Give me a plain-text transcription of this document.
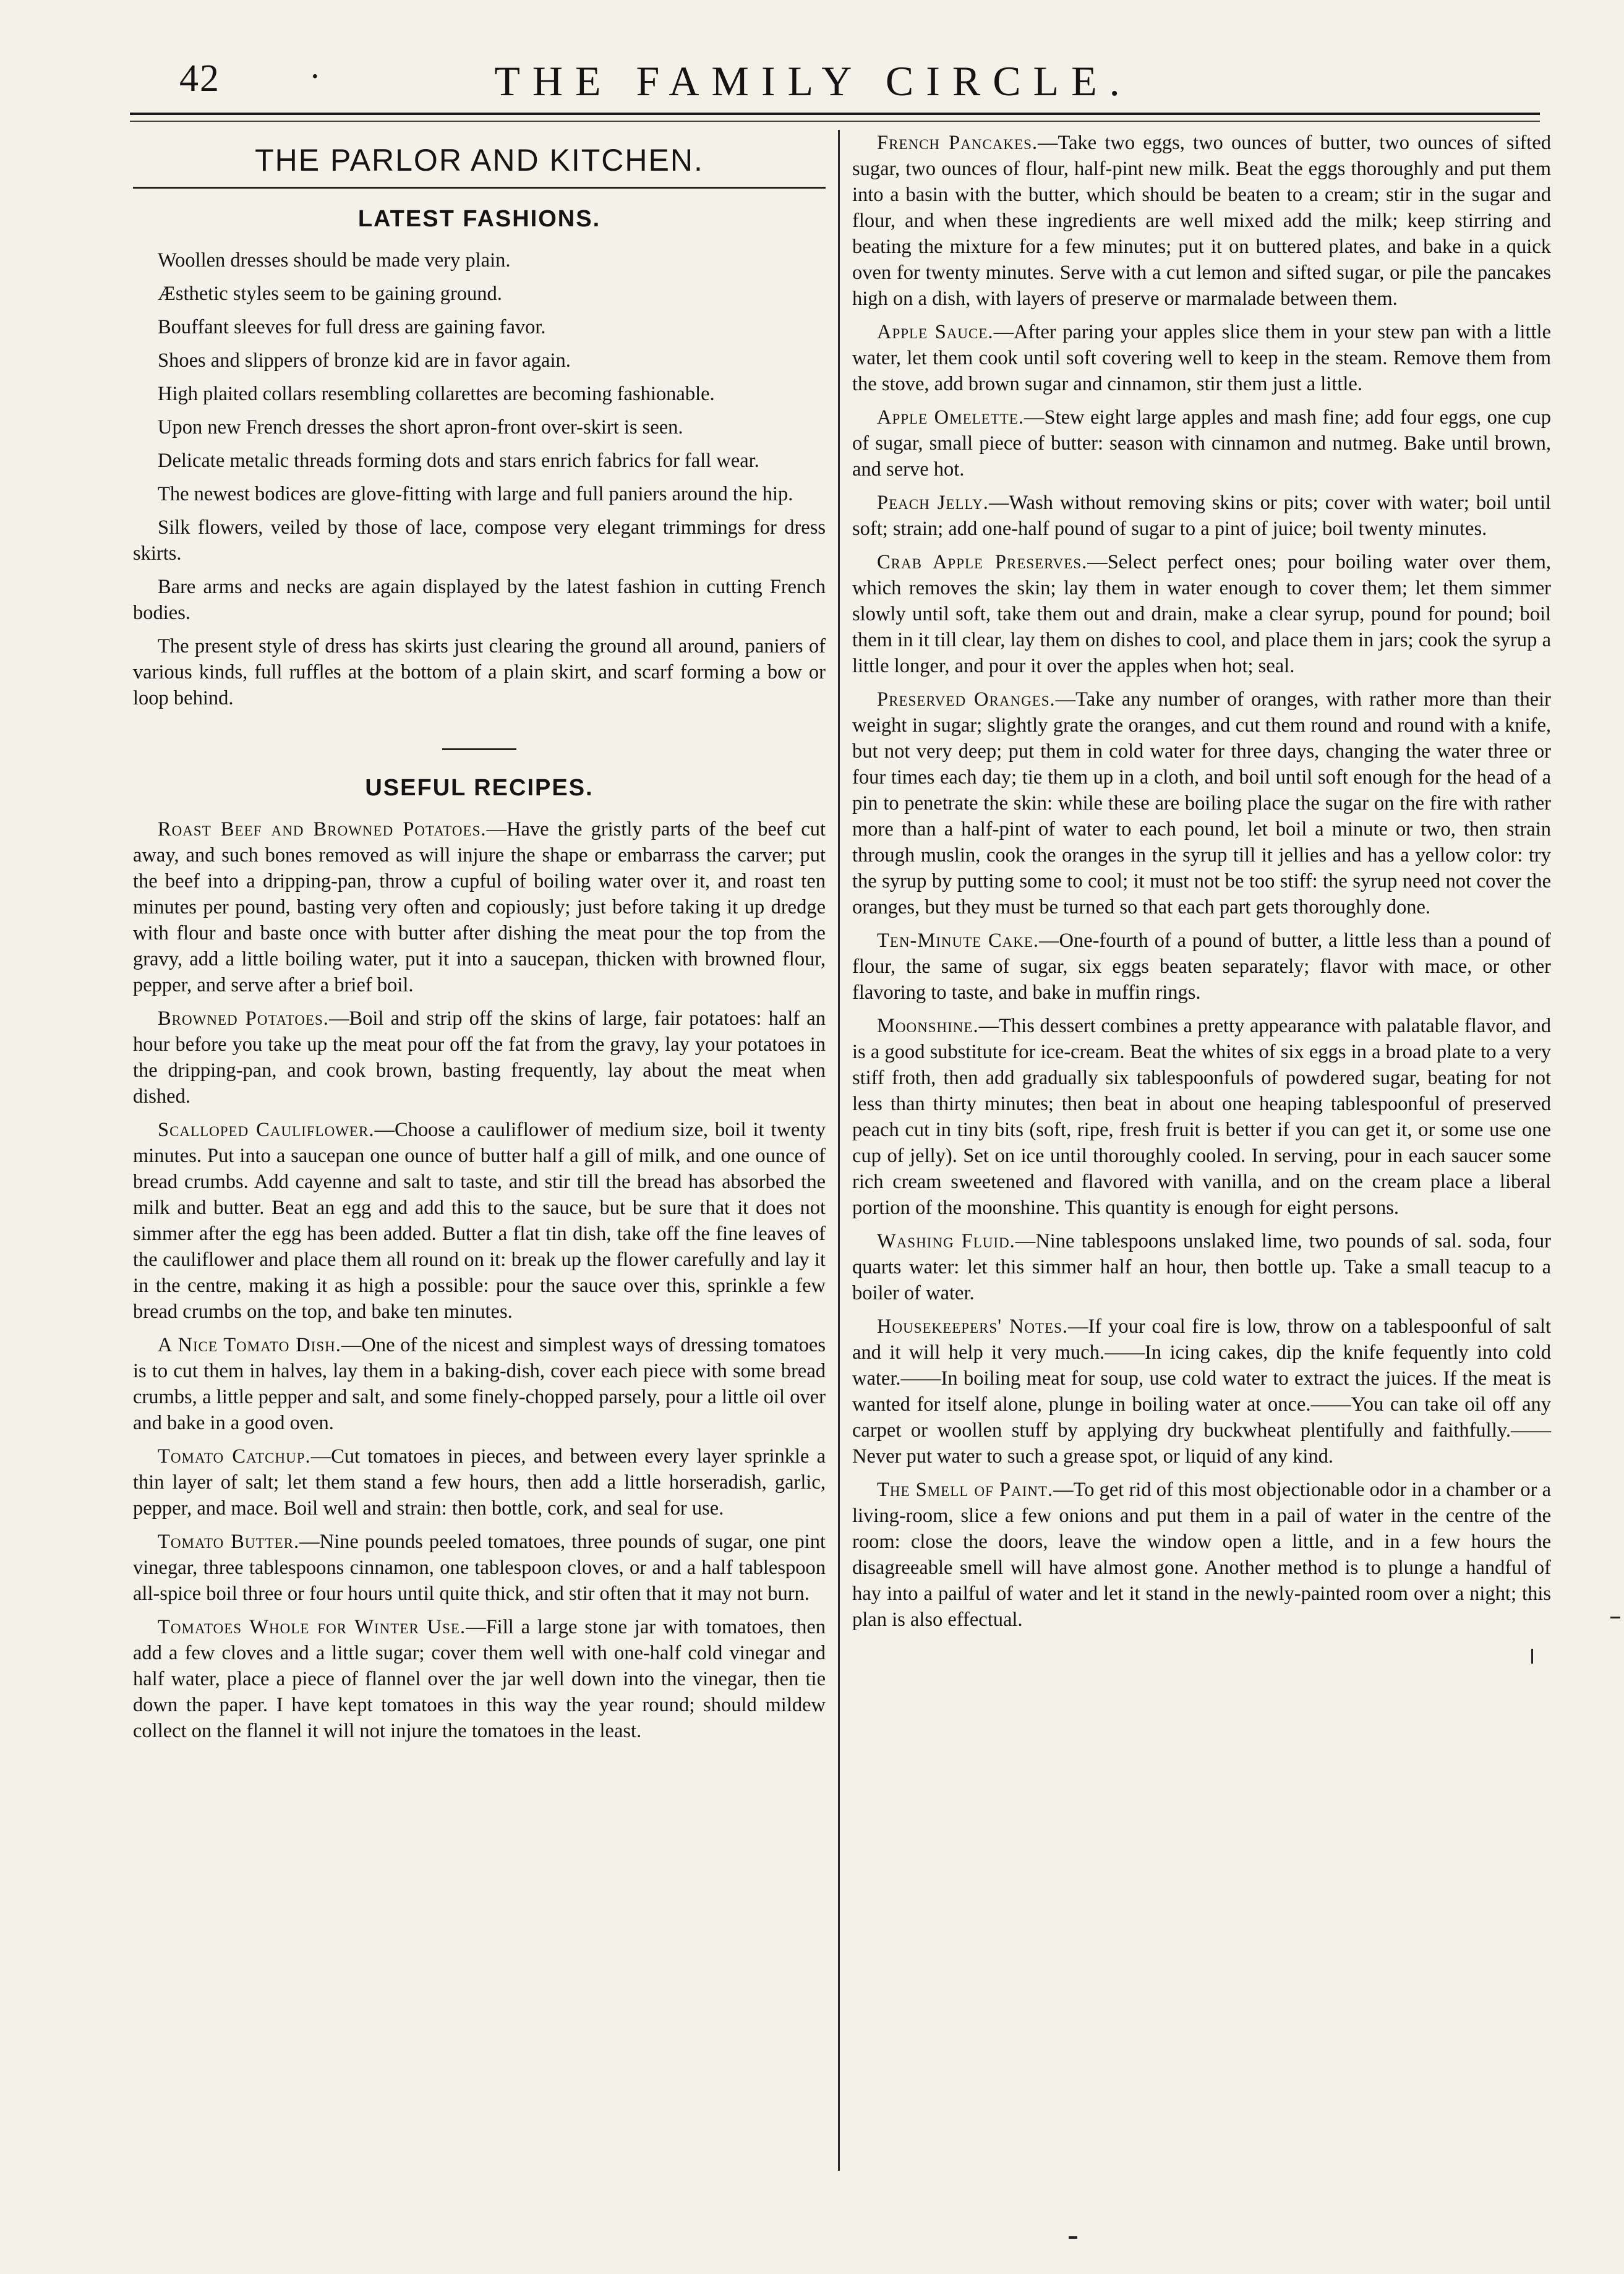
42	·	THE FAMILY CIRCLE.
THE PARLOR AND KITCHEN.
LATEST FASHIONS.

Woollen dresses should be made very plain.

Æsthetic styles seem to be gaining ground.

Bouffant sleeves for full dress are gaining favor.

Shoes and slippers of bronze kid are in favor again.

High plaited collars resembling collarettes are becoming fashionable.

Upon new French dresses the short apron-front over-skirt is seen.

Delicate metalic threads forming dots and stars enrich fabrics for fall wear.

The newest bodices are glove-fitting with large and full paniers around the hip.

Silk flowers, veiled by those of lace, compose very elegant trimmings for dress skirts.

Bare arms and necks are again displayed by the latest fashion in cutting French bodies.

The present style of dress has skirts just clearing the ground all around, paniers of various kinds, full ruffles at the bottom of a plain skirt, and scarf forming a bow or loop behind.

USEFUL RECIPES.

Roast Beef and Browned Potatoes.—Have the gristly parts of the beef cut away, and such bones removed as will injure the shape or embarrass the carver; put the beef into a dripping-pan, throw a cupful of boiling water over it, and roast ten minutes per pound, basting very often and copiously; just before taking it up dredge with flour and baste once with butter after dishing the meat pour the top from the gravy, add a little boiling water, put it into a saucepan, thicken with browned flour, pepper, and serve after a brief boil.

Browned Potatoes.—Boil and strip off the skins of large, fair potatoes: half an hour before you take up the meat pour off the fat from the gravy, lay your potatoes in the dripping-pan, and cook brown, basting frequently, lay about the meat when dished.

Scalloped Cauliflower.—Choose a cauliflower of medium size, boil it twenty minutes. Put into a saucepan one ounce of butter half a gill of milk, and one ounce of bread crumbs. Add cayenne and salt to taste, and stir till the bread has absorbed the milk and butter. Beat an egg and add this to the sauce, but be sure that it does not simmer after the egg has been added. Butter a flat tin dish, take off the fine leaves of the cauliflower and place them all round on it: break up the flower carefully and lay it in the centre, making it as high a possible: pour the sauce over this, sprinkle a few bread crumbs on the top, and bake ten minutes.

A Nice Tomato Dish.—One of the nicest and simplest ways of dressing tomatoes is to cut them in halves, lay them in a baking-dish, cover each piece with some bread crumbs, a little pepper and salt, and some finely-chopped parsely, pour a little oil over and bake in a good oven.

Tomato Catchup.—Cut tomatoes in pieces, and between every layer sprinkle a thin layer of salt; let them stand a few hours, then add a little horseradish, garlic, pepper, and mace. Boil well and strain: then bottle, cork, and seal for use.

Tomato Butter.—Nine pounds peeled tomatoes, three pounds of sugar, one pint vinegar, three tablespoons cinnamon, one tablespoon cloves, or and a half tablespoon all-spice boil three or four hours until quite thick, and stir often that it may not burn.

Tomatoes Whole for Winter Use.—Fill a large stone jar with tomatoes, then add a few cloves and a little sugar; cover them well with one-half cold vinegar and half water, place a piece of flannel over the jar well down into the vinegar, then tie down the paper. I have kept tomatoes in this way the year round; should mildew collect on the flannel it will not injure the tomatoes in the least.

French Pancakes.—Take two eggs, two ounces of butter, two ounces of sifted sugar, two ounces of flour, half-pint new milk. Beat the eggs thoroughly and put them into a basin with the butter, which should be beaten to a cream; stir in the sugar and flour, and when these ingredients are well mixed add the milk; keep stirring and beating the mixture for a few minutes; put it on buttered plates, and bake in a quick oven for twenty minutes. Serve with a cut lemon and sifted sugar, or pile the pancakes high on a dish, with layers of preserve or marmalade between them.

Apple Sauce.—After paring your apples slice them in your stew pan with a little water, let them cook until soft covering well to keep in the steam. Remove them from the stove, add brown sugar and cinnamon, stir them just a little.

Apple Omelette.—Stew eight large apples and mash fine; add four eggs, one cup of sugar, small piece of butter: season with cinnamon and nutmeg. Bake until brown, and serve hot.

Peach Jelly.—Wash without removing skins or pits; cover with water; boil until soft; strain; add one-half pound of sugar to a pint of juice; boil twenty minutes.

Crab Apple Preserves.—Select perfect ones; pour boiling water over them, which removes the skin; lay them in water enough to cover them; let them simmer slowly until soft, take them out and drain, make a clear syrup, pound for pound; boil them in it till clear, lay them on dishes to cool, and place them in jars; cook the syrup a little longer, and pour it over the apples when hot; seal.

Preserved Oranges.—Take any number of oranges, with rather more than their weight in sugar; slightly grate the oranges, and cut them round and round with a knife, but not very deep; put them in cold water for three days, changing the water three or four times each day; tie them up in a cloth, and boil until soft enough for the head of a pin to penetrate the skin: while these are boiling place the sugar on the fire with rather more than a half-pint of water to each pound, let boil a minute or two, then strain through muslin, cook the oranges in the syrup till it jellies and has a yellow color: try the syrup by putting some to cool; it must not be too stiff: the syrup need not cover the oranges, but they must be turned so that each part gets thoroughly done.

Ten-Minute Cake.—One-fourth of a pound of butter, a little less than a pound of flour, the same of sugar, six eggs beaten separately; flavor with mace, or other flavoring to taste, and bake in muffin rings.

Moonshine.—This dessert combines a pretty appearance with palatable flavor, and is a good substitute for ice-cream. Beat the whites of six eggs in a broad plate to a very stiff froth, then add gradually six tablespoonfuls of powdered sugar, beating for not less than thirty minutes; then beat in about one heaping tablespoonful of preserved peach cut in tiny bits (soft, ripe, fresh fruit is better if you can get it, or some use one cup of jelly). Set on ice until thoroughly cooled. In serving, pour in each saucer some rich cream sweetened and flavored with vanilla, and on the cream place a liberal portion of the moonshine. This quantity is enough for eight persons.

Washing Fluid.—Nine tablespoons unslaked lime, two pounds of sal. soda, four quarts water: let this simmer half an hour, then bottle up. Take a small teacup to a boiler of water.

Housekeepers' Notes.—If your coal fire is low, throw on a tablespoonful of salt and it will help it very much.——In icing cakes, dip the knife fequently into cold water.——In boiling meat for soup, use cold water to extract the juices. If the meat is wanted for itself alone, plunge in boiling water at once.——You can take oil off any carpet or woollen stuff by applying dry buckwheat plentifully and faithfully.——Never put water to such a grease spot, or liquid of any kind.

The Smell of Paint.—To get rid of this most objectionable odor in a chamber or a living-room, slice a few onions and put them in a pail of water in the centre of the room: close the doors, leave the window open a little, and in a few hours the disagreeable smell will have almost gone. Another method is to plunge a handful of hay into a pailful of water and let it stand in the newly-painted room over a night; this plan is also effectual.
